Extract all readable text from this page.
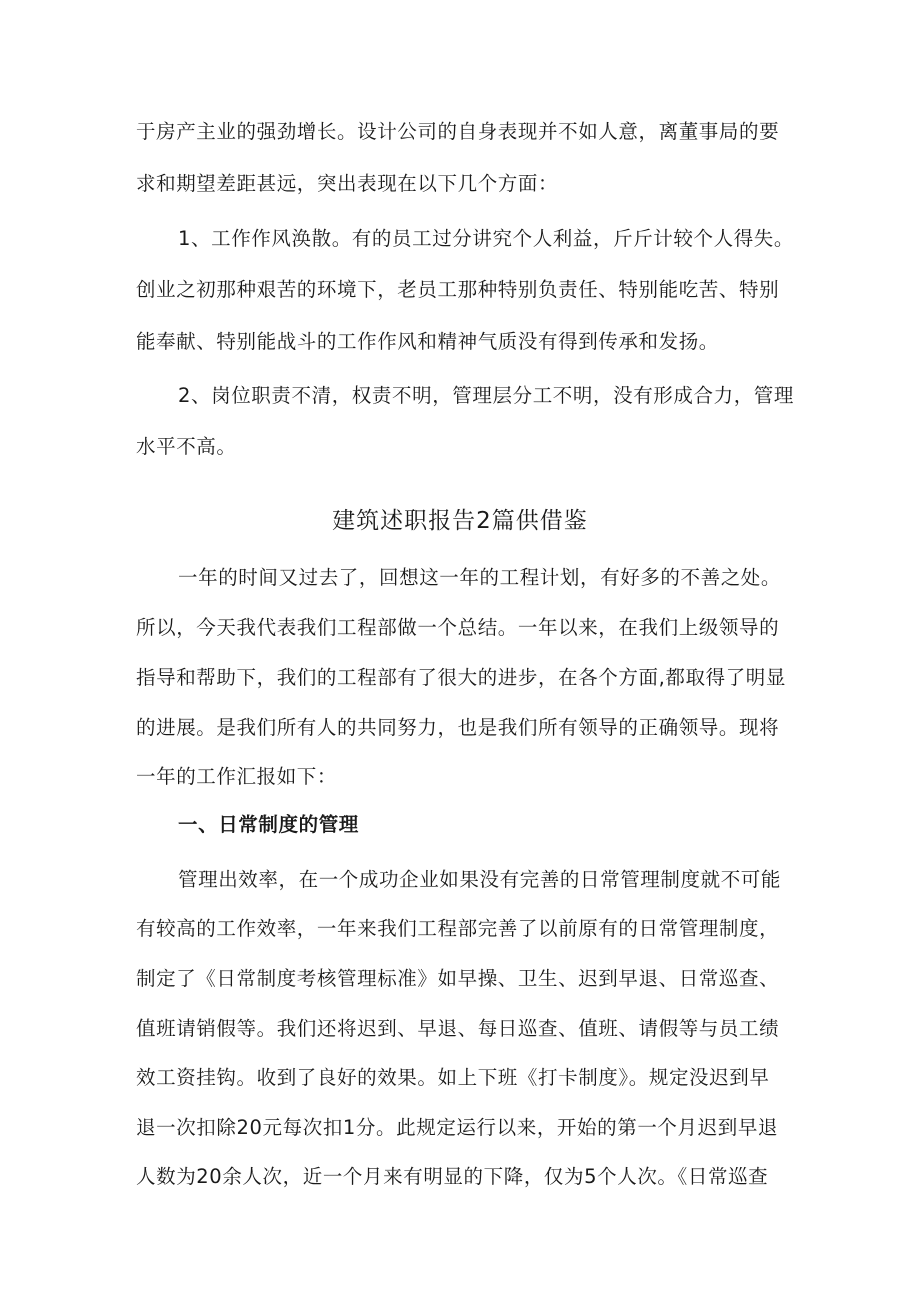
于房产主业的强劲增长。设计公司的自身表现并不如人意，离董事局的要
求和期望差距甚远，突出表现在以下几个方面：
1、工作作风涣散。有的员工过分讲究个人利益，斤斤计较个人得失。
创业之初那种艰苦的环境下，老员工那种特别负责任、特别能吃苦、特别
能奉献、特别能战斗的工作作风和精神气质没有得到传承和发扬。
2、岗位职责不清，权责不明，管理层分工不明，没有形成合力，管理
水平不高。
建筑述职报告2篇供借鉴
一年的时间又过去了，回想这一年的工程计划，有好多的不善之处。
所以，今天我代表我们工程部做一个总结。一年以来，在我们上级领导的
指导和帮助下，我们的工程部有了很大的进步，在各个方面,都取得了明显
的进展。是我们所有人的共同努力，也是我们所有领导的正确领导。现将
一年的工作汇报如下：
一、日常制度的管理
管理出效率，在一个成功企业如果没有完善的日常管理制度就不可能
有较高的工作效率，一年来我们工程部完善了以前原有的日常管理制度，
制定了《日常制度考核管理标准》如早操、卫生、迟到早退、日常巡查、
值班请销假等。我们还将迟到、早退、每日巡查、值班、请假等与员工绩
效工资挂钩。收到了良好的效果。如上下班《打卡制度》。规定没迟到早
退一次扣除20元每次扣1分。此规定运行以来，开始的第一个月迟到早退
人数为20余人次，近一个月来有明显的下降，仅为5个人次。《日常巡查
